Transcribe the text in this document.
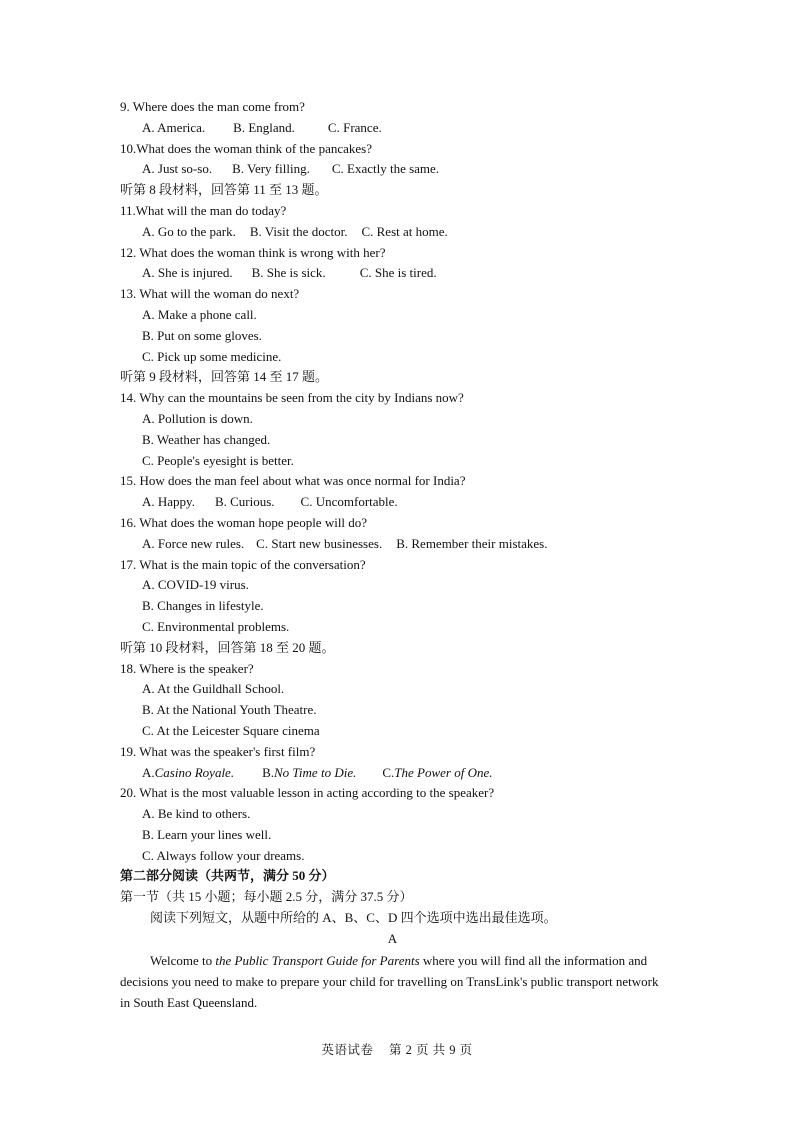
9. Where does the man come from?
A. America. B. England.	C. France.
10.What does the woman think of the pancakes?
A. Just so-so. B. Very filling. C. Exactly the same.
听第 8 段材料，回答第 11 至 13 题。
11.What will the man do today?
A. Go to the park. B. Visit the doctor. C. Rest at home.
12. What does the woman think is wrong with her?
A. She is injured. B. She is sick.	C. She is tired.
13. What will the woman do next?
A. Make a phone call.
B. Put on some gloves.
C. Pick up some medicine.
听第 9 段材料，回答第 14 至 17 题。
14. Why can the mountains be seen from the city by Indians now?
A. Pollution is down.
B. Weather has changed.
C. People's eyesight is better.
15. How does the man feel about what was once normal for India?
A. Happy. B. Curious. C. Uncomfortable.
16. What does the woman hope people will do?
A. Force new rules. C. Start new businesses. B. Remember their mistakes.
17. What is the main topic of the conversation?
A. COVID-19 virus.
B. Changes in lifestyle.
C. Environmental problems.
听第 10 段材料，回答第 18 至 20 题。
18. Where is the speaker?
A. At the Guildhall School.
B. At the National Youth Theatre.
C. At the Leicester Square cinema
19. What was the speaker's first film?
A.Casino Royale. B.No Time to Die. C.The Power of One.
20. What is the most valuable lesson in acting according to the speaker?
A. Be kind to others.
B. Learn your lines well.
C. Always follow your dreams.
第二部分阅读（共两节，满分 50 分）
第一节（共 15 小题；每小题 2.5 分，满分 37.5 分）
阅读下列短文，从题中所给的 A、B、C、D 四个选项中选出最佳选项。
A
Welcome to the Public Transport Guide for Parents where you will find all the information and decisions you need to make to prepare your child for travelling on TransLink's public transport network in South East Queensland.
英语试卷 第 2 页 共 9 页
